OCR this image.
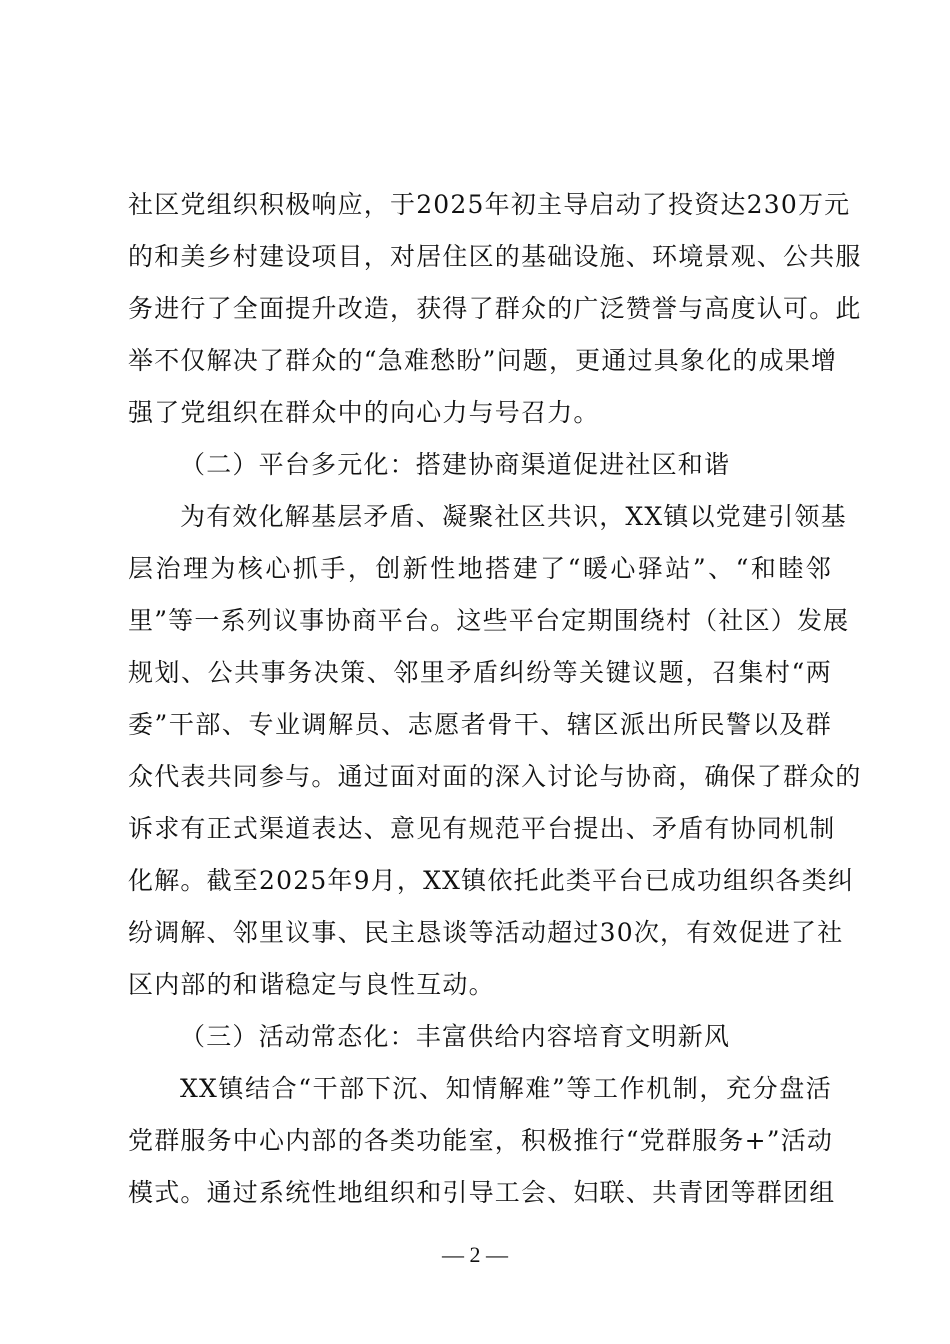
社区党组织积极响应，于2025年初主导启动了投资达230万元
的和美乡村建设项目，对居住区的基础设施、环境景观、公共服
务进行了全面提升改造，获得了群众的广泛赞誉与高度认可。此
举不仅解决了群众的“急难愁盼”问题，更通过具象化的成果增
强了党组织在群众中的向心力与号召力。
（二）平台多元化：搭建协商渠道促进社区和谐
为有效化解基层矛盾、凝聚社区共识，XX镇以党建引领基
层治理为核心抓手，创新性地搭建了“暖心驿站”、“和睦邻
里”等一系列议事协商平台。这些平台定期围绕村（社区）发展
规划、公共事务决策、邻里矛盾纠纷等关键议题，召集村“两
委”干部、专业调解员、志愿者骨干、辖区派出所民警以及群
众代表共同参与。通过面对面的深入讨论与协商，确保了群众的
诉求有正式渠道表达、意见有规范平台提出、矛盾有协同机制
化解。截至2025年9月，XX镇依托此类平台已成功组织各类纠
纷调解、邻里议事、民主恳谈等活动超过30次，有效促进了社
区内部的和谐稳定与良性互动。
（三）活动常态化：丰富供给内容培育文明新风
XX镇结合“干部下沉、知情解难”等工作机制，充分盘活
党群服务中心内部的各类功能室，积极推行“党群服务+”活动
模式。通过系统性地组织和引导工会、妇联、共青团等群团组
— 2 —
